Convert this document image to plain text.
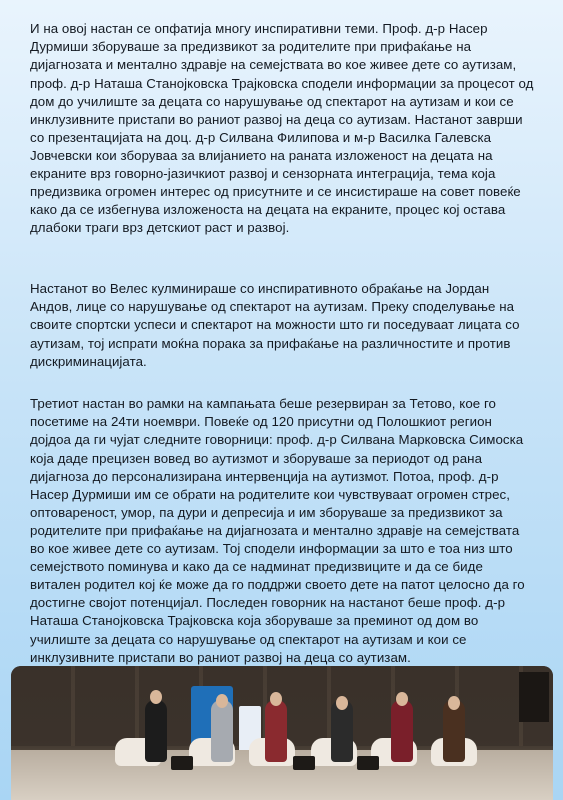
И на овој настан се опфатија многу инспиративни теми. Проф. д-р Насер Дурмиши зборуваше за предизвикот за родителите при прифаќање на дијагнозата и ментално здравје на семејствата во кое живее дете со аутизам, проф. д-р Наташа Станојковска Трајковска сподели информации за процесот од дом до училиште за децата со нарушување од спектарот на аутизам и кои се инклузивните пристапи во раниот развој на деца со аутизам. Настанот заврши со презентацијата на доц. д-р Силвана Филипова и м-р Василка Галевска Јовчевски кои зборуваа за влијанието на раната изложеност на децата на екраните врз говорно-јазичкиот развој и сензорната интеграција, тема која предизвика огромен интерес од присутните и се инсистираше на совет повеќе како да се избегнува изложеноста на децата на екраните, процес кој остава длабоки траги врз детскиот раст и развој.

Настанот во Велес кулминираше со инспиративното обраќање на Јордан Андов, лице со нарушување од спектарот на аутизам. Преку споделување на своите спортски успеси и спектарот на можности што ги поседуваат лицата со аутизам, тој испрати моќна порака за прифаќање на различностите и против дискриминацијата.

Третиот настан во рамки на кампањата беше резервиран за Тетово, кое го посетиме на 24ти ноември. Повеќе од 120 присутни од Полошкиот регион дојдоа да ги чујат следните говорници: проф. д-р Силвана Марковска Симоска која даде прецизен вовед во аутизмот и зборуваше за периодот од рана дијагноза до персонализирана интервенција на аутизмот. Потоа, проф. д-р Насер Дурмиши им се обрати на родителите кои чувствуваат огромен стрес, оптовареност, умор, па дури и депресија и им зборуваше за предизвикот за родителите при прифаќање на дијагнозата и ментално здравје на семејствата во кое живее дете со аутизам. Тој сподели информации за што е тоа низ што семејството поминува и како да се надминат предизвиците и да се биде витален родител кој ќе може да го поддржи своето дете на патот целосно да го достигне својот потенцијал. Последен говорник на настанот беше проф. д-р Наташа Станојковска Трајковска која зборуваше за преминот од дом во училиште за децата со нарушување од спектарот на аутизам и кои се инклузивните пристапи во раниот развој на деца со аутизам.
